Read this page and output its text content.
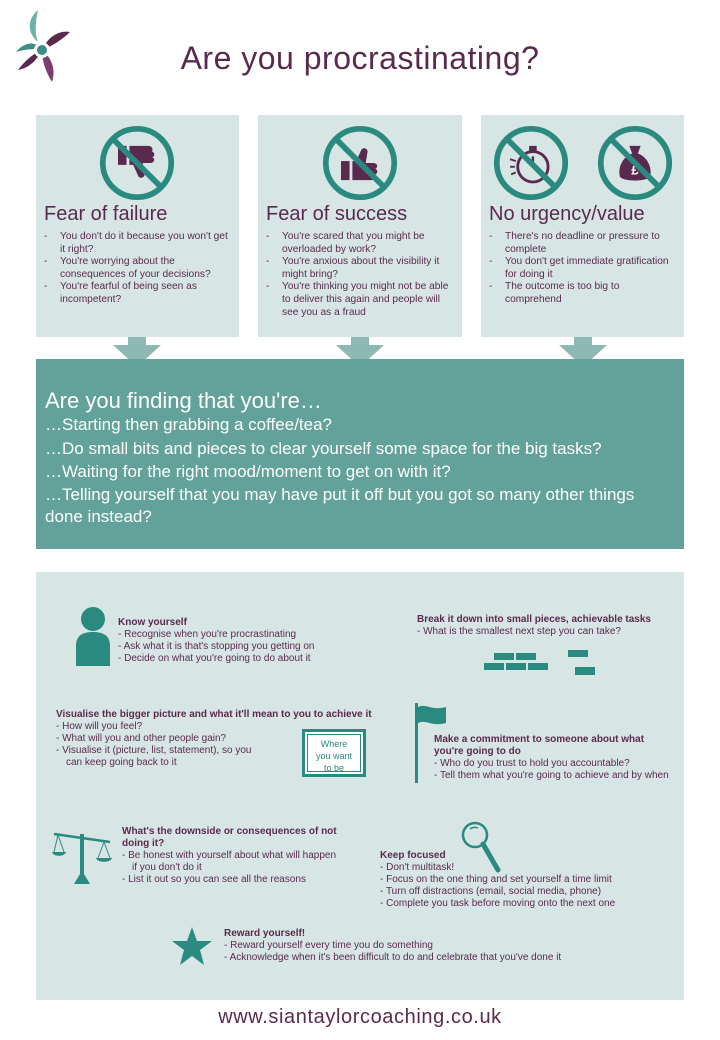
Are you procrastinating?
Fear of failure
- You don't do it because you won't get it right?
- You're worrying about the consequences of your decisions?
- You're fearful of being seen as incompetent?
Fear of success
- You're scared that you might be overloaded by work?
- You're anxious about the visibility it might bring?
- You're thinking you might not be able to deliver this again and people will see you as a fraud
£
No urgency/value
- There's no deadline or pressure to complete
- You don't get immediate gratification for doing it
- The outcome is too big to comprehend
Are you finding that you're…
…Starting then grabbing a coffee/tea?
…Do small bits and pieces to clear yourself some space for the big tasks?
…Waiting for the right mood/moment to get on with it?
…Telling yourself that you may have put it off but you got so many other things done instead?
Know yourself
- Recognise when you're procrastinating
- Ask what it is that's stopping you getting on
- Decide on what you're going to do about it
Break it down into small pieces, achievable tasks
- What is the smallest next step you can take?
Visualise the bigger picture and what it'll mean to you to achieve it
- How will you feel?
- What will you and other people gain?
- Visualise it (picture, list, statement), so you can keep going back to it
Where
you want
to be
Make a commitment to someone about what you're going to do
- Who do you trust to hold you accountable?
- Tell them what you're going to achieve and by when
What's the downside or consequences of not doing it?
- Be honest with yourself about what will happen if you don't do it
- List it out so you can see all the reasons
Keep focused
- Don't multitask!
- Focus on the one thing and set yourself a time limit
- Turn off distractions (email, social media, phone)
- Complete you task before moving onto the next one
Reward yourself!
- Reward yourself every time you do something
- Acknowledge when it's been difficult to do and celebrate that you've done it
www.siantaylorcoaching.co.uk
